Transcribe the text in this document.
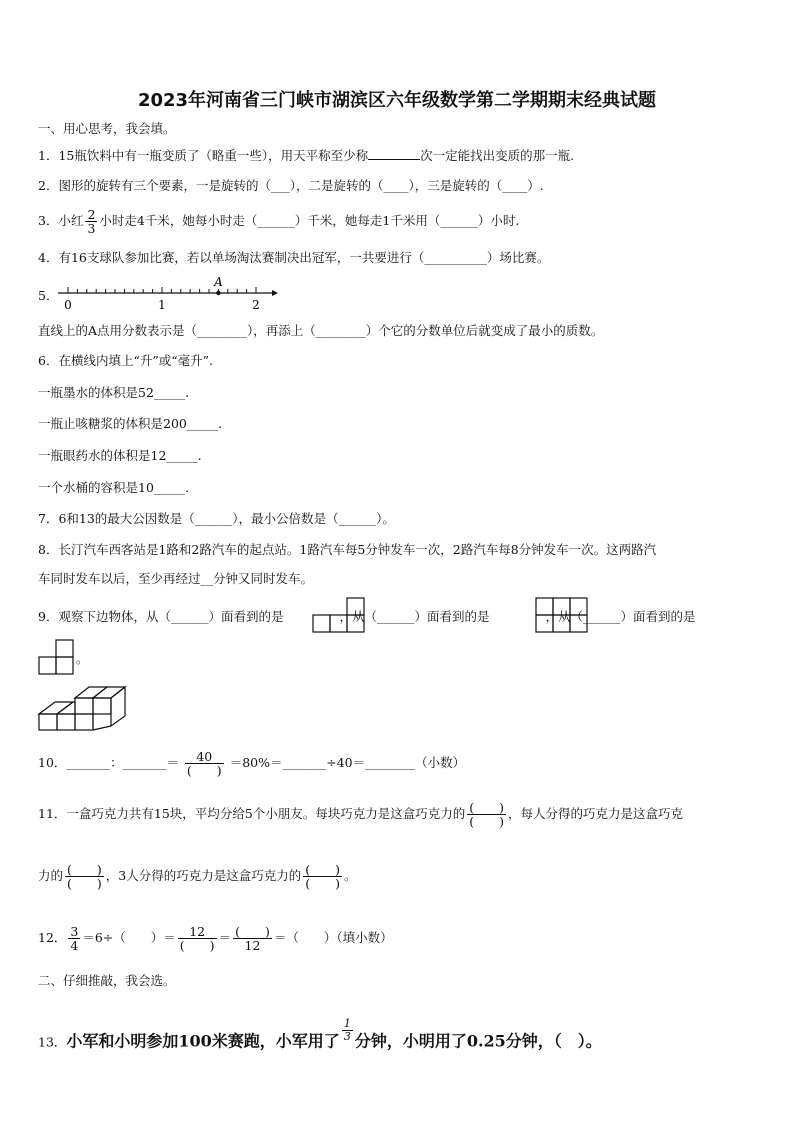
2023年河南省三门峡市湖滨区六年级数学第二学期期末经典试题
一、用心思考，我会填。
1．15瓶饮料中有一瓶变质了（略重一些），用天平称至少称	次一定能找出变质的那一瓶.
2．图形的旋转有三个要素，一是旋转的（___），二是旋转的（____），三是旋转的（____）.
3．小红 $\frac{2}{3}$ 小时走4千米，她每小时走（______）千米，她每走1千米用（______）小时.
4．有16支球队参加比赛，若以单场淘汰赛制决出冠军，一共要进行（__________）场比赛。
5．
A
0	1	2
直线上的A点用分数表示是（________），再添上（________）个它的分数单位后就变成了最小的质数。
6．在横线内填上“升”或“毫升”.
一瓶墨水的体积是52_____.
一瓶止咳糖浆的体积是200_____.
一瓶眼药水的体积是12_____.
一个水桶的容积是10_____.
7．6和13的最大公因数是（______），最小公倍数是（______）。
8．长汀汽车西客站是1路和2路汽车的起点站。1路汽车每5分钟发车一次，2路汽车每8分钟发车一次。这两路汽
车同时发车以后，至少再经过__分钟又同时发车。
9．观察下边物体，从（______）面看到的是	，从（______）面看到的是	，从（______）面看到的是
。
10．_______：_______＝ $\frac{40}{( )}$ ＝80%＝_______÷40＝________（小数）
11．一盒巧克力共有15块，平均分给5个小朋友。每块巧克力是这盒巧克力的 $\frac{( )}{( )}$ ，每人分得的巧克力是这盒巧克
力的 $\frac{( )}{( )}$ ，3人分得的巧克力是这盒巧克力的 $\frac{( )}{( )}$ 。
12． $\frac{3}{4} =6\div$（　　）＝ $\frac{12}{( )} = \frac{( )}{12}$ ＝（　　）（填小数）
二、仔细推敲，我会选。
13．小军和小明参加100米赛跑，小军用了 $\frac{1}{3}$ 分钟，小明用了0.25分钟，（　）。
